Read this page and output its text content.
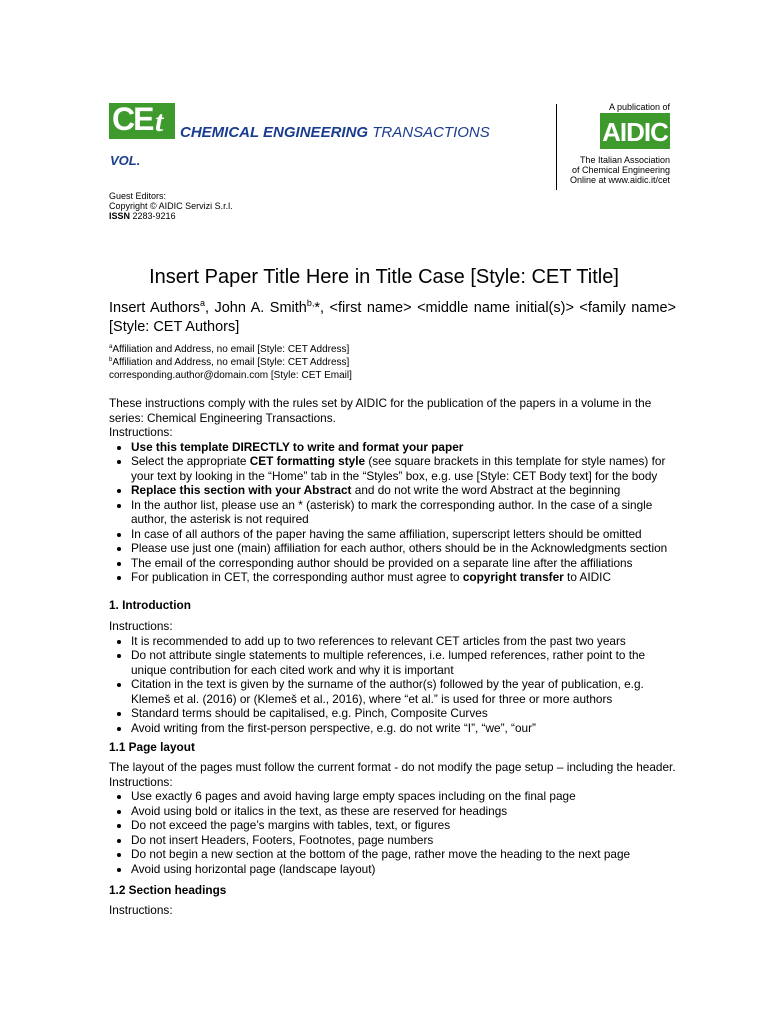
CE t CHEMICAL ENGINEERING TRANSACTIONS
VOL.
A publication of
AIDIC
The Italian Association
of Chemical Engineering
Online at www.aidic.it/cet
Guest Editors:
Copyright © AIDIC Servizi S.r.l.
ISSN 2283-9216
Insert Paper Title Here in Title Case [Style: CET Title]
Insert Authors$^a$, John A. Smith$^{b,}$*, <first name> <middle name initial(s)> <family name> [Style: CET Authors]
$^a$Affiliation and Address, no email [Style: CET Address]
$^b$Affiliation and Address, no email [Style: CET Address]
corresponding.author@domain.com [Style: CET Email]

These instructions comply with the rules set by AIDIC for the publication of the papers in a volume in the series: Chemical Engineering Transactions.

Instructions:

• Use this template DIRECTLY to write and format your paper
• Select the appropriate CET formatting style (see square brackets in this template for style names) for your text by looking in the “Home” tab in the “Styles” box, e.g. use [Style: CET Body text] for the body
• Replace this section with your Abstract and do not write the word Abstract at the beginning
• In the author list, please use an * (asterisk) to mark the corresponding author. In the case of a single author, the asterisk is not required
• In case of all authors of the paper having the same affiliation, superscript letters should be omitted
• Please use just one (main) affiliation for each author, others should be in the Acknowledgments section
• The email of the corresponding author should be provided on a separate line after the affiliations
• For publication in CET, the corresponding author must agree to copyright transfer to AIDIC
1. Introduction

Instructions:

• It is recommended to add up to two references to relevant CET articles from the past two years
• Do not attribute single statements to multiple references, i.e. lumped references, rather point to the unique contribution for each cited work and why it is important
• Citation in the text is given by the surname of the author(s) followed by the year of publication, e.g. Klemeš et al. (2016) or (Klemeš et al., 2016), where “et al.” is used for three or more authors
• Standard terms should be capitalised, e.g. Pinch, Composite Curves
• Avoid writing from the first-person perspective, e.g. do not write “I”, “we”, “our”
1.1 Page layout

The layout of the pages must follow the current format - do not modify the page setup – including the header.

Instructions:

• Use exactly 6 pages and avoid having large empty spaces including on the final page
• Avoid using bold or italics in the text, as these are reserved for headings
• Do not exceed the page’s margins with tables, text, or figures
• Do not insert Headers, Footers, Footnotes, page numbers
• Do not begin a new section at the bottom of the page, rather move the heading to the next page
• Avoid using horizontal page (landscape layout)
1.2 Section headings

Instructions:
